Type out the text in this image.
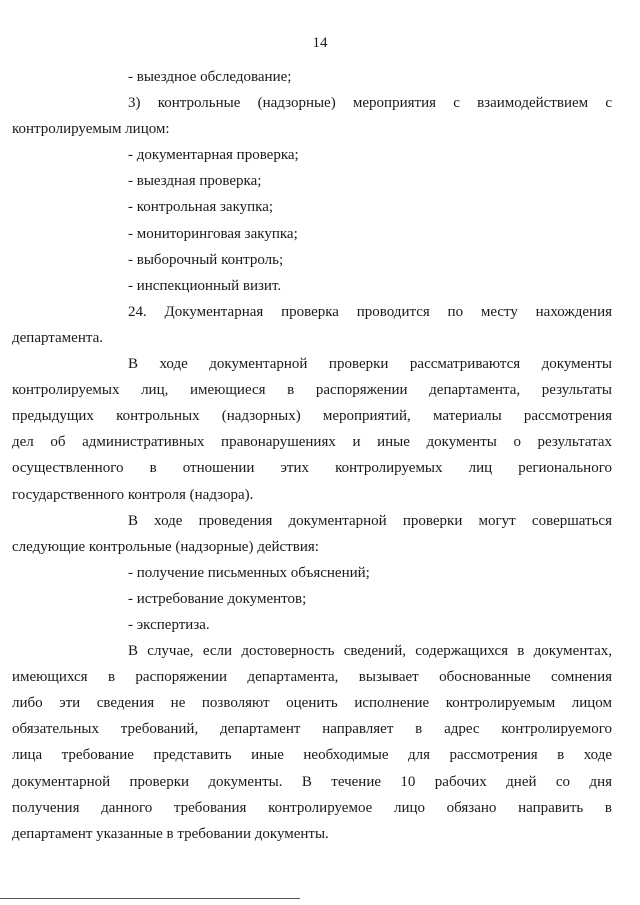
14
- выездное обследование;
3) контрольные (надзорные) мероприятия с взаимодействием с
контролируемым лицом:
- документарная проверка;
- выездная проверка;
- контрольная закупка;
- мониторинговая закупка;
- выборочный контроль;
- инспекционный визит.
24. Документарная проверка проводится по месту нахождения
департамента.
В ходе документарной проверки рассматриваются документы
контролируемых лиц, имеющиеся в распоряжении департамента, результаты
предыдущих контрольных (надзорных) мероприятий, материалы рассмотрения
дел об административных правонарушениях и иные документы о результатах
осуществленного в отношении этих контролируемых лиц регионального
государственного контроля (надзора).
В ходе проведения документарной проверки могут совершаться
следующие контрольные (надзорные) действия:
- получение письменных объяснений;
- истребование документов;
- экспертиза.
В случае, если достоверность сведений, содержащихся в документах,
имеющихся в распоряжении департамента, вызывает обоснованные сомнения
либо эти сведения не позволяют оценить исполнение контролируемым лицом
обязательных требований, департамент направляет в адрес контролируемого
лица требование представить иные необходимые для рассмотрения в ходе
документарной проверки документы. В течение 10 рабочих дней со дня
получения данного требования контролируемое лицо обязано направить в
департамент указанные в требовании документы.
